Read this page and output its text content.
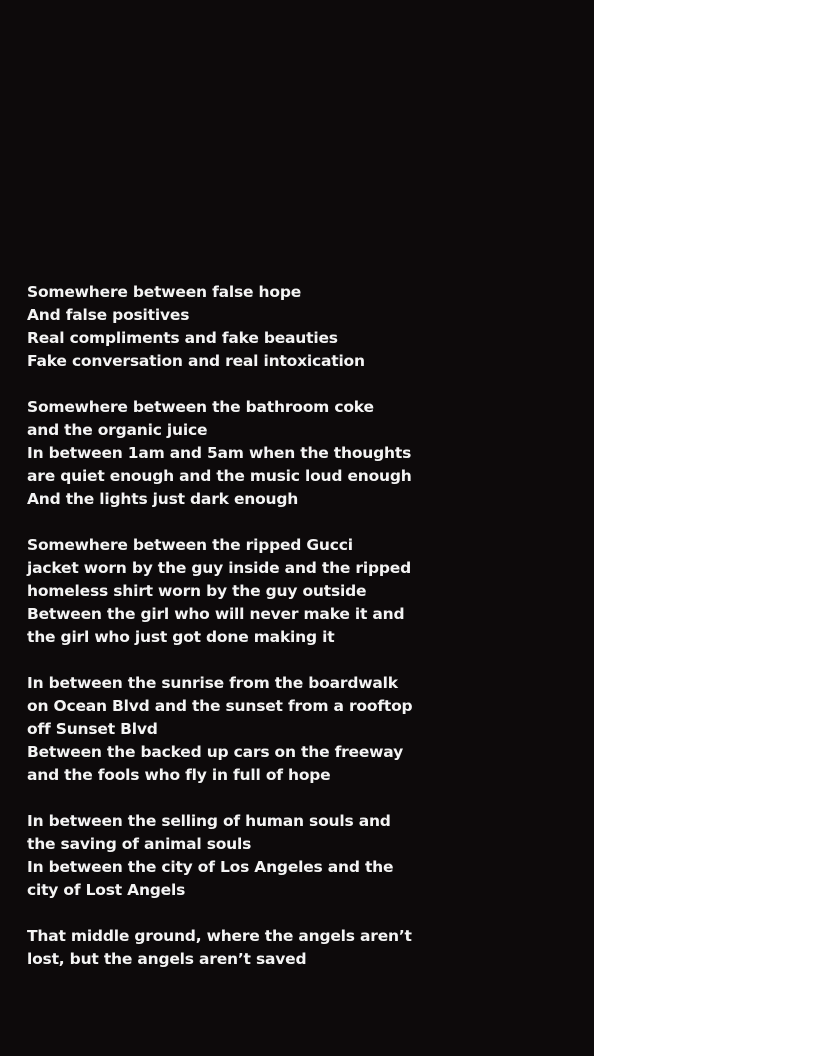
Somewhere between false hope
And false positives
Real compliments and fake beauties
Fake conversation and real intoxication
Somewhere between the bathroom coke
and the organic juice
In between 1am and 5am when the thoughts
are quiet enough and the music loud enough
And the lights just dark enough
Somewhere between the ripped Gucci
jacket worn by the guy inside and the ripped
homeless shirt worn by the guy outside
Between the girl who will never make it and
the girl who just got done making it
In between the sunrise from the boardwalk
on Ocean Blvd and the sunset from a rooftop
off Sunset Blvd
Between the backed up cars on the freeway
and the fools who fly in full of hope
In between the selling of human souls and
the saving of animal souls
In between the city of Los Angeles and the
city of Lost Angels
That middle ground, where the angels aren’t
lost, but the angels aren’t saved
